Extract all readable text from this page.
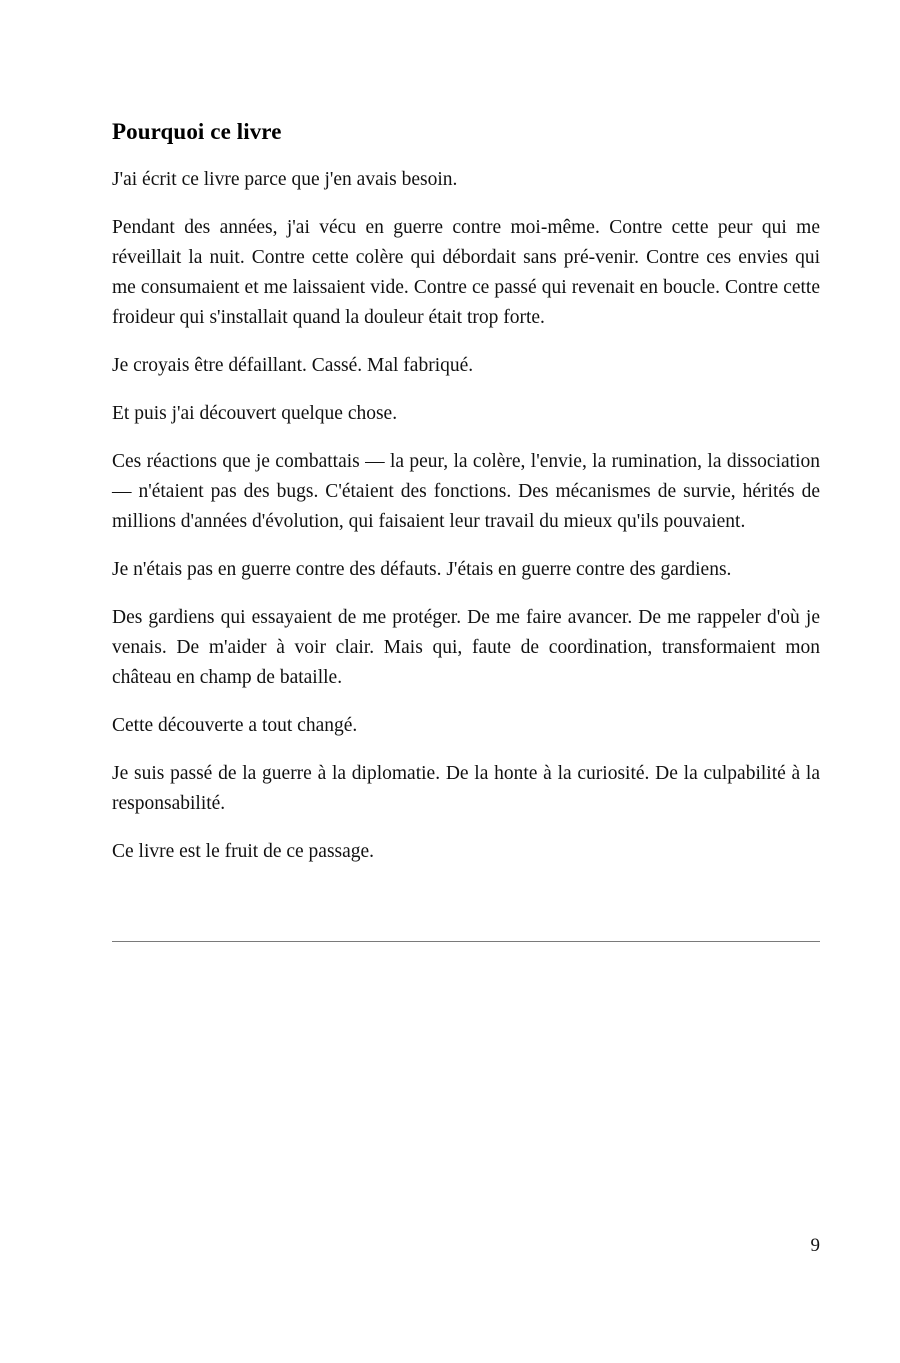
Pourquoi ce livre

J'ai écrit ce livre parce que j'en avais besoin.

Pendant des années, j'ai vécu en guerre contre moi-même. Contre cette peur qui me réveillait la nuit. Contre cette colère qui débordait sans pré-venir. Contre ces envies qui me consumaient et me laissaient vide. Contre ce passé qui revenait en boucle. Contre cette froideur qui s'installait quand la douleur était trop forte.

Je croyais être défaillant. Cassé. Mal fabriqué.

Et puis j'ai découvert quelque chose.

Ces réactions que je combattais — la peur, la colère, l'envie, la rumination, la dissociation — n'étaient pas des bugs. C'étaient des fonctions. Des mécanismes de survie, hérités de millions d'années d'évolution, qui faisaient leur travail du mieux qu'ils pouvaient.

Je n'étais pas en guerre contre des défauts. J'étais en guerre contre des gardiens.

Des gardiens qui essayaient de me protéger. De me faire avancer. De me rappeler d'où je venais. De m'aider à voir clair. Mais qui, faute de coordination, transformaient mon château en champ de bataille.

Cette découverte a tout changé.

Je suis passé de la guerre à la diplomatie. De la honte à la curiosité. De la culpabilité à la responsabilité.

Ce livre est le fruit de ce passage.

9
